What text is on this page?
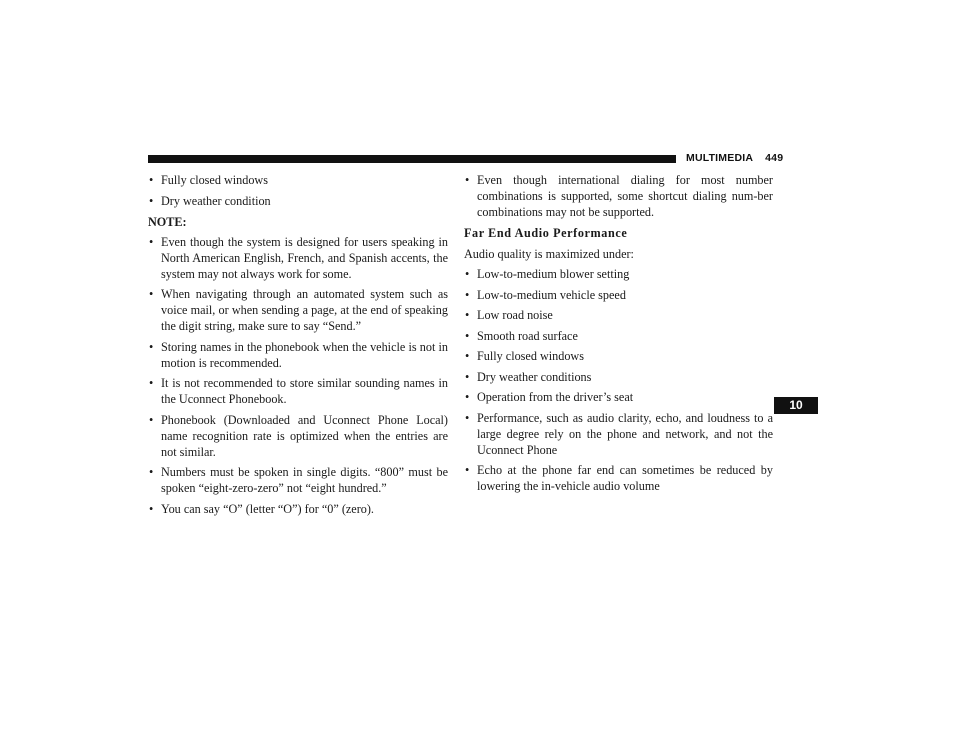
MULTIMEDIA 449
10
• Fully closed windows
• Dry weather condition

NOTE:

• Even though the system is designed for users speaking in North American English, French, and Spanish accents, the system may not always work for some.
• When navigating through an automated system such as voice mail, or when sending a page, at the end of speaking the digit string, make sure to say “Send.”
• Storing names in the phonebook when the vehicle is not in motion is recommended.
• It is not recommended to store similar sounding names in the Uconnect Phonebook.
• Phonebook (Downloaded and Uconnect Phone Local) name recognition rate is optimized when the entries are not similar.
• Numbers must be spoken in single digits. “800” must be spoken “eight-zero-zero” not “eight hundred.”
• You can say “O” (letter “O”) for “0” (zero).
• Even though international dialing for most number combinations is supported, some shortcut dialing num-ber combinations may not be supported.

Far End Audio Performance

Audio quality is maximized under:

• Low-to-medium blower setting
• Low-to-medium vehicle speed
• Low road noise
• Smooth road surface
• Fully closed windows
• Dry weather conditions
• Operation from the driver’s seat
• Performance, such as audio clarity, echo, and loudness to a large degree rely on the phone and network, and not the Uconnect Phone
• Echo at the phone far end can sometimes be reduced by lowering the in-vehicle audio volume
